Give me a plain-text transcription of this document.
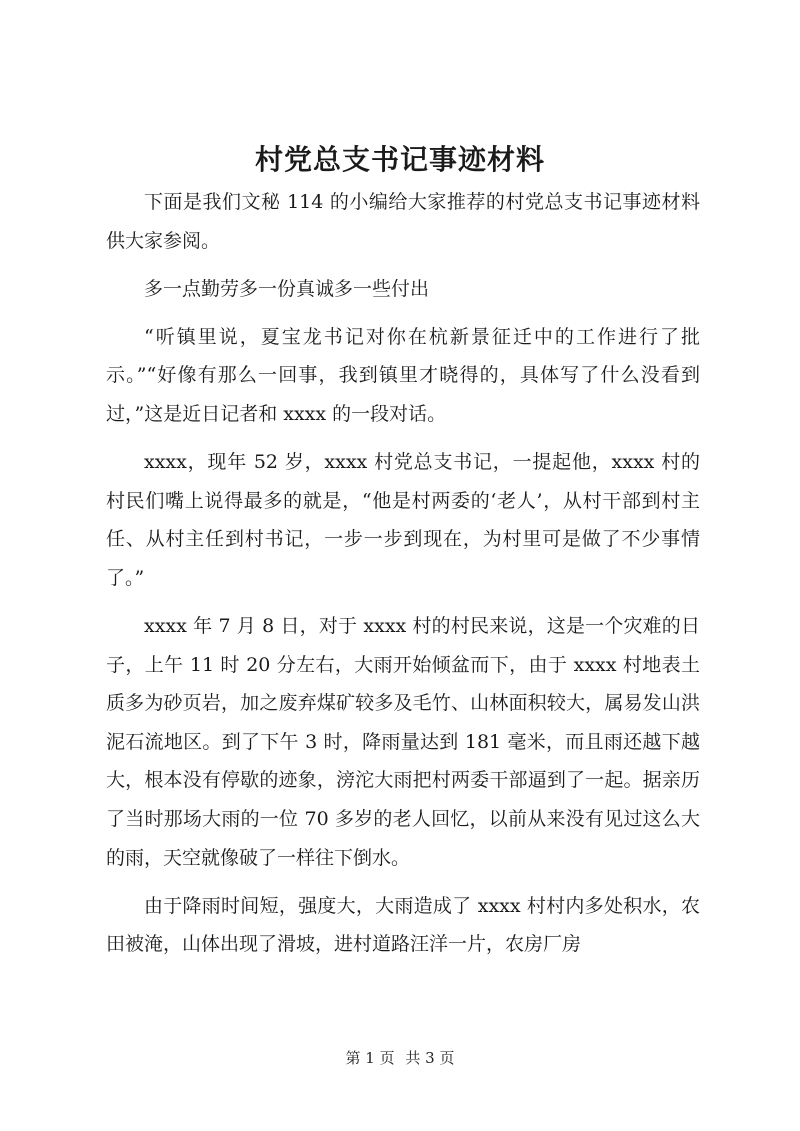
村党总支书记事迹材料

下面是我们文秘 114 的小编给大家推荐的村党总支书记事迹材料供大家参阅。

多一点勤劳多一份真诚多一些付出

“听镇里说，夏宝龙书记对你在杭新景征迁中的工作进行了批示。”“好像有那么一回事，我到镇里才晓得的，具体写了什么没看到过，”这是近日记者和 xxxx 的一段对话。

xxxx，现年 52 岁，xxxx 村党总支书记，一提起他，xxxx 村的村民们嘴上说得最多的就是，“他是村两委的‘老人’，从村干部到村主任、从村主任到村书记，一步一步到现在，为村里可是做了不少事情了。”

xxxx 年 7 月 8 日，对于 xxxx 村的村民来说，这是一个灾难的日子，上午 11 时 20 分左右，大雨开始倾盆而下，由于 xxxx 村地表土质多为砂页岩，加之废弃煤矿较多及毛竹、山林面积较大，属易发山洪泥石流地区。到了下午 3 时，降雨量达到 181 毫米，而且雨还越下越大，根本没有停歇的迹象，滂沱大雨把村两委干部逼到了一起。据亲历了当时那场大雨的一位 70 多岁的老人回忆，以前从来没有见过这么大的雨，天空就像破了一样往下倒水。

由于降雨时间短，强度大，大雨造成了 xxxx 村村内多处积水，农田被淹，山体出现了滑坡，进村道路汪洋一片，农房厂房

第 1 页 共 3 页
